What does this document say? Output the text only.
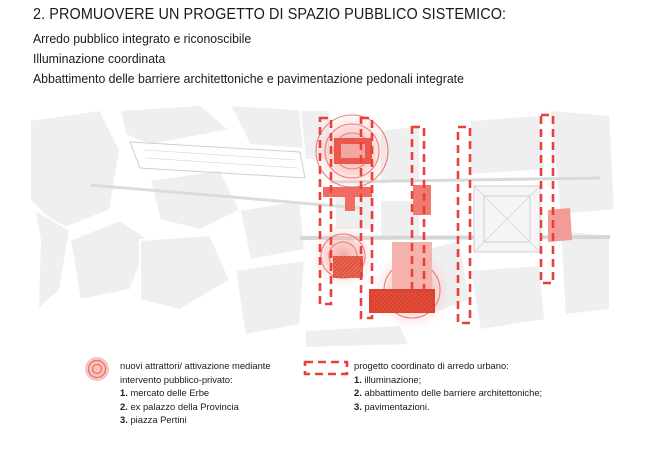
2. PROMUOVERE UN PROGETTO DI SPAZIO PUBBLICO SISTEMICO:
Arredo pubblico integrato e riconoscibile
Illuminazione coordinata
Abbattimento delle barriere architettoniche e pavimentazione pedonali integrate
nuovi attrattori/ attivazione mediante
intervento pubblico-privato:
1. mercato delle Erbe
2. ex palazzo della Provincia
3. piazza Pertini
progetto coordinato di arredo urbano:
1. illuminazione;
2. abbattimento delle barriere architettoniche;
3. pavimentazioni.
